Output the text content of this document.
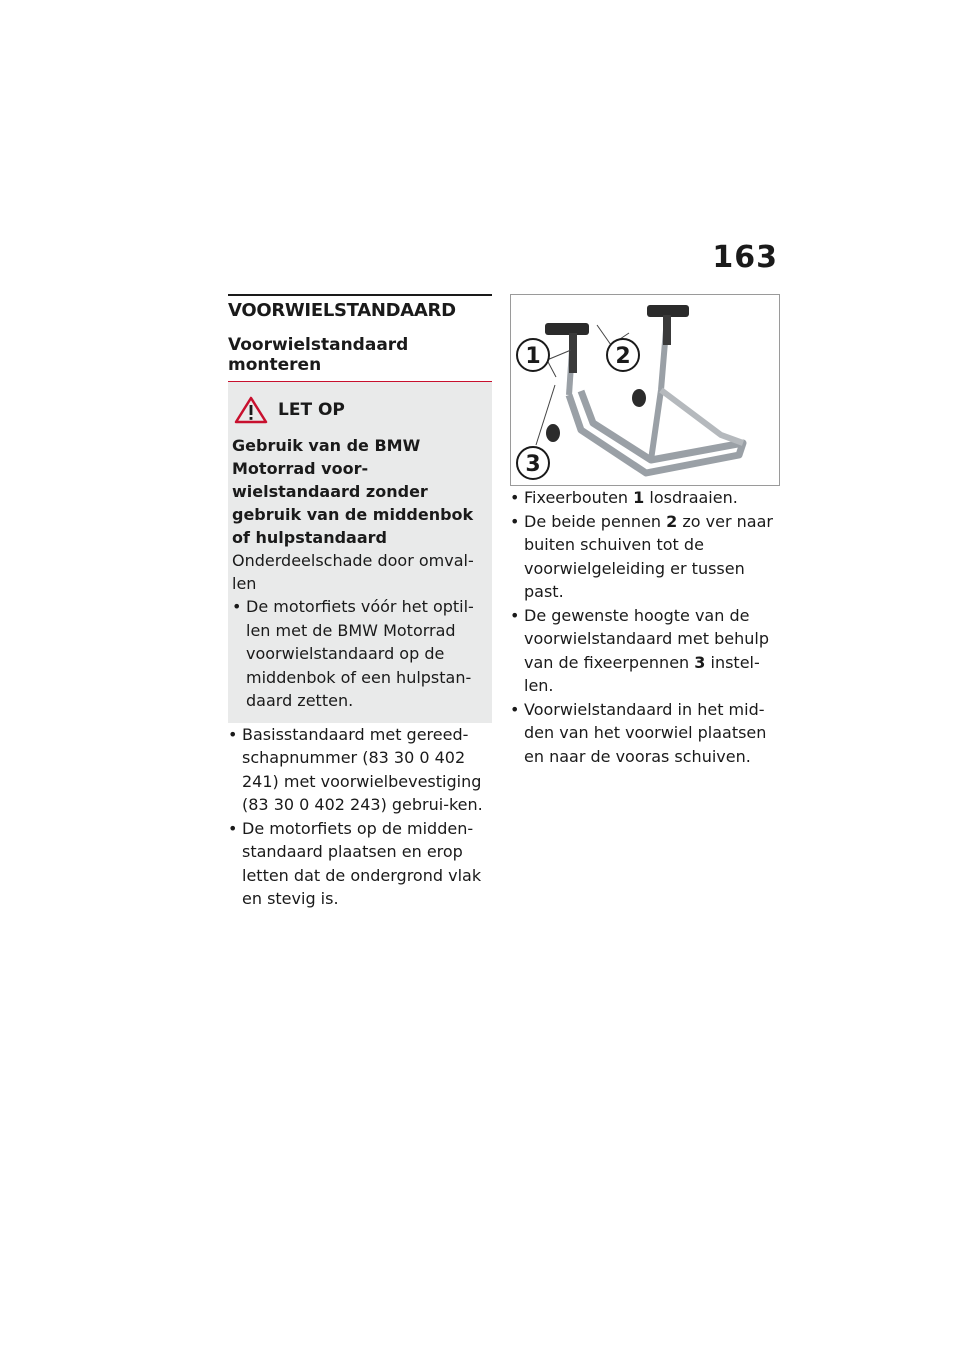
163
VOORWIELSTANDAARD
Voorwielstandaard monteren
LET OP
Gebruik van de BMW Motorrad voor-wielstandaard zonder gebruik van de middenbok of hulpstandaard
Onderdeelschade door omval-len
• De motorfiets vóór het optil-len met de BMW Motorrad voorwielstandaard op de middenbok of een hulpstan-daard zetten.
• Basisstandaard met gereed-schapnummer (83 30 0 402 241) met voorwielbevestiging (83 30 0 402 243) gebrui-ken.
• De motorfiets op de midden-standaard plaatsen en erop letten dat de ondergrond vlak en stevig is.
1	2
3
• Fixeerbouten 1 losdraaien.
• De beide pennen 2 zo ver naar buiten schuiven tot de voorwielgeleiding er tussen past.
• De gewenste hoogte van de voorwielstandaard met behulp van de fixeerpennen 3 instel-len.
• Voorwielstandaard in het mid-den van het voorwiel plaatsen en naar de vooras schuiven.
